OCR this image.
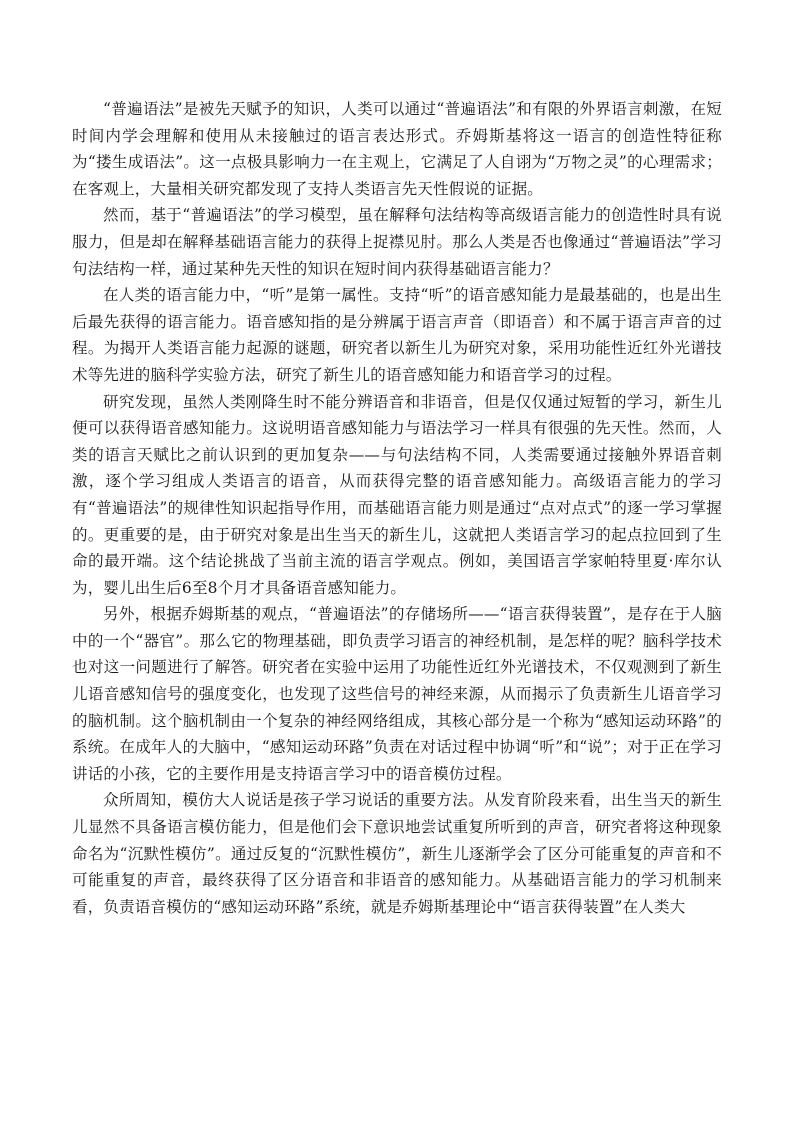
“普遍语法”是被先天赋予的知识，人类可以通过“普遍语法”和有限的外界语言刺激，在短时间内学会理解和使用从未接触过的语言表达形式。乔姆斯基将这一语言的创造性特征称为“搂生成语法”。这一点极具影响力一在主观上，它满足了人自诩为“万物之灵”的心理需求；在客观上，大量相关研究都发现了支持人类语言先天性假说的证据。

然而，基于“普遍语法”的学习模型，虽在解释句法结构等高级语言能力的创造性时具有说服力，但是却在解释基础语言能力的获得上捉襟见肘。那么人类是否也像通过“普遍语法”学习句法结构一样，通过某种先天性的知识在短时间内获得基础语言能力？

在人类的语言能力中，“听”是第一属性。支持“听”的语音感知能力是最基础的，也是出生后最先获得的语言能力。语音感知指的是分辨属于语言声音（即语音）和不属于语言声音的过程。为揭开人类语言能力起源的谜题，研究者以新生儿为研究对象，采用功能性近红外光谱技术等先进的脑科学实验方法，研究了新生儿的语音感知能力和语音学习的过程。

研究发现，虽然人类刚降生时不能分辨语音和非语音，但是仅仅通过短暂的学习，新生儿便可以获得语音感知能力。这说明语音感知能力与语法学习一样具有很强的先天性。然而，人类的语言天赋比之前认识到的更加复杂——与句法结构不同，人类需要通过接触外界语音刺激，逐个学习组成人类语言的语音，从而获得完整的语音感知能力。高级语言能力的学习有“普遍语法”的规律性知识起指导作用，而基础语言能力则是通过“点对点式”的逐一学习掌握的。更重要的是，由于研究对象是出生当天的新生儿，这就把人类语言学习的起点拉回到了生命的最开端。这个结论挑战了当前主流的语言学观点。例如，美国语言学家帕特里夏·库尔认为，婴儿出生后6至8个月才具备语音感知能力。

另外，根据乔姆斯基的观点，“普遍语法”的存储场所——“语言获得装置”，是存在于人脑中的一个“器官”。那么它的物理基础，即负责学习语言的神经机制，是怎样的呢？脑科学技术也对这一问题进行了解答。研究者在实验中运用了功能性近红外光谱技术，不仅观测到了新生儿语音感知信号的强度变化，也发现了这些信号的神经来源，从而揭示了负责新生儿语音学习的脑机制。这个脑机制由一个复杂的神经网络组成，其核心部分是一个称为“感知运动环路”的系统。在成年人的大脑中，“感知运动环路”负责在对话过程中协调“听”和“说”；对于正在学习讲话的小孩，它的主要作用是支持语言学习中的语音模仿过程。

众所周知，模仿大人说话是孩子学习说话的重要方法。从发育阶段来看，出生当天的新生儿显然不具备语言模仿能力，但是他们会下意识地尝试重复所听到的声音，研究者将这种现象命名为“沉默性模仿”。通过反复的“沉默性模仿”，新生儿逐渐学会了区分可能重复的声音和不可能重复的声音，最终获得了区分语音和非语音的感知能力。从基础语言能力的学习机制来看，负责语音模仿的“感知运动环路”系统，就是乔姆斯基理论中“语言获得装置”在人类大
